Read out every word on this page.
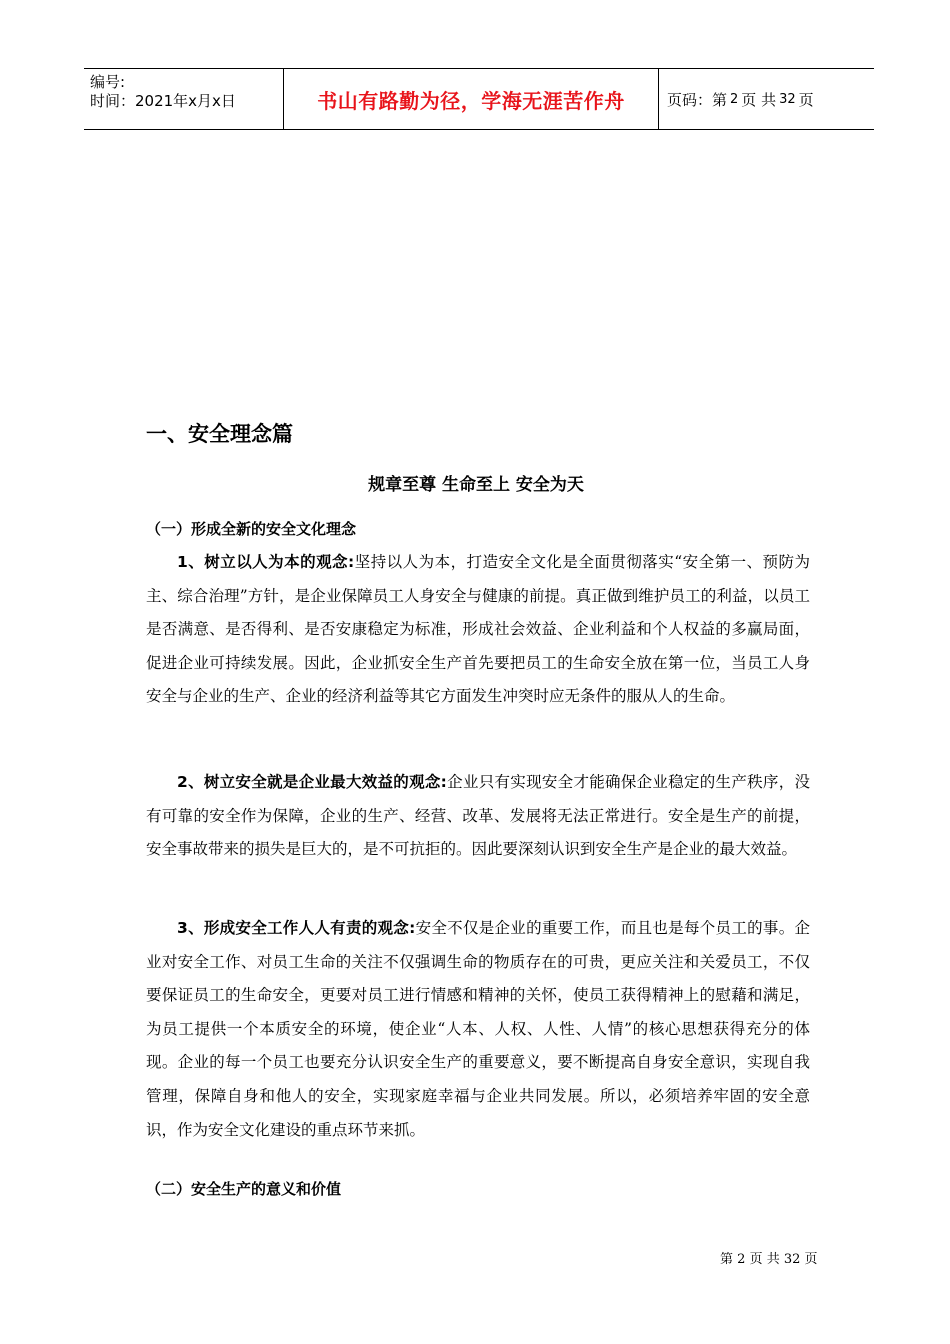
编号:
时间：2021年x月x日	书山有路勤为径，学海无涯苦作舟	页码：第 2 页 共 32 页
一、安全理念篇
规章至尊 生命至上 安全为天
（一）形成全新的安全文化理念
1、树立以人为本的观念:坚持以人为本，打造安全文化是全面贯彻落实“安全第一、预防为主、综合治理”方针，是企业保障员工人身安全与健康的前提。真正做到维护员工的利益，以员工是否满意、是否得利、是否安康稳定为标准，形成社会效益、企业利益和个人权益的多赢局面，促进企业可持续发展。因此，企业抓安全生产首先要把员工的生命安全放在第一位，当员工人身安全与企业的生产、企业的经济利益等其它方面发生冲突时应无条件的服从人的生命。
2、树立安全就是企业最大效益的观念:企业只有实现安全才能确保企业稳定的生产秩序，没有可靠的安全作为保障，企业的生产、经营、改革、发展将无法正常进行。安全是生产的前提，安全事故带来的损失是巨大的，是不可抗拒的。因此要深刻认识到安全生产是企业的最大效益。
3、形成安全工作人人有责的观念:安全不仅是企业的重要工作，而且也是每个员工的事。企业对安全工作、对员工生命的关注不仅强调生命的物质存在的可贵，更应关注和关爱员工，不仅要保证员工的生命安全，更要对员工进行情感和精神的关怀，使员工获得精神上的慰藉和满足，为员工提供一个本质安全的环境，使企业“人本、人权、人性、人情”的核心思想获得充分的体现。企业的每一个员工也要充分认识安全生产的重要意义，要不断提高自身安全意识，实现自我管理，保障自身和他人的安全，实现家庭幸福与企业共同发展。所以，必须培养牢固的安全意识，作为安全文化建设的重点环节来抓。
（二）安全生产的意义和价值
第 2 页 共 32 页
